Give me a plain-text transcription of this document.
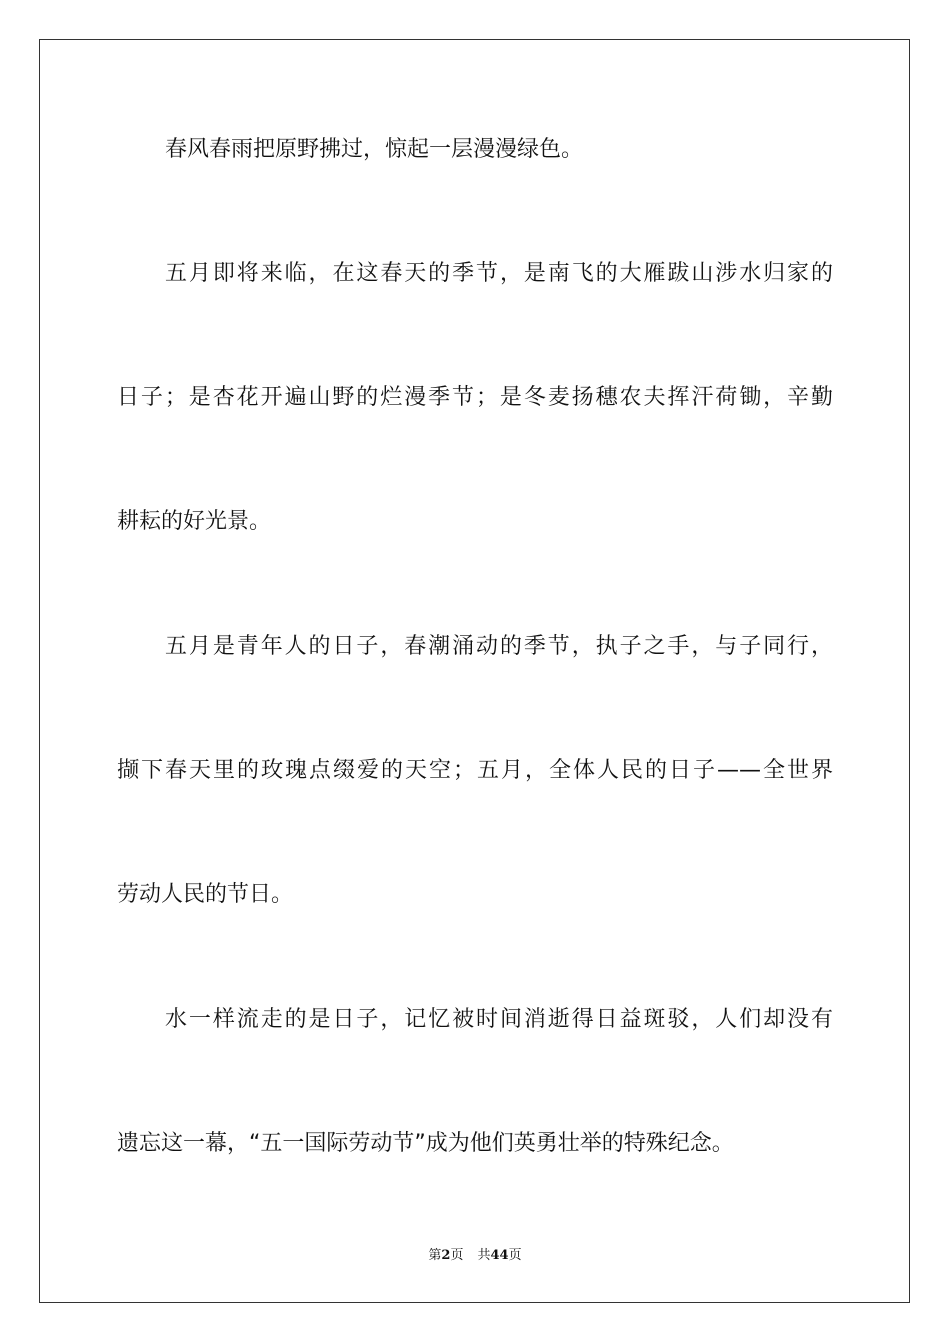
春风春雨把原野拂过，惊起一层漫漫绿色。
五月即将来临，在这春天的季节，是南飞的大雁跋山涉水归家的
日子；是杏花开遍山野的烂漫季节；是冬麦扬穗农夫挥汗荷锄，辛勤
耕耘的好光景。
五月是青年人的日子，春潮涌动的季节，执子之手，与子同行，
撷下春天里的玫瑰点缀爱的天空；五月，全体人民的日子——全世界
劳动人民的节日。
水一样流走的是日子，记忆被时间消逝得日益斑驳，人们却没有
遗忘这一幕，“五一国际劳动节”成为他们英勇壮举的特殊纪念。
第2页 共44页
